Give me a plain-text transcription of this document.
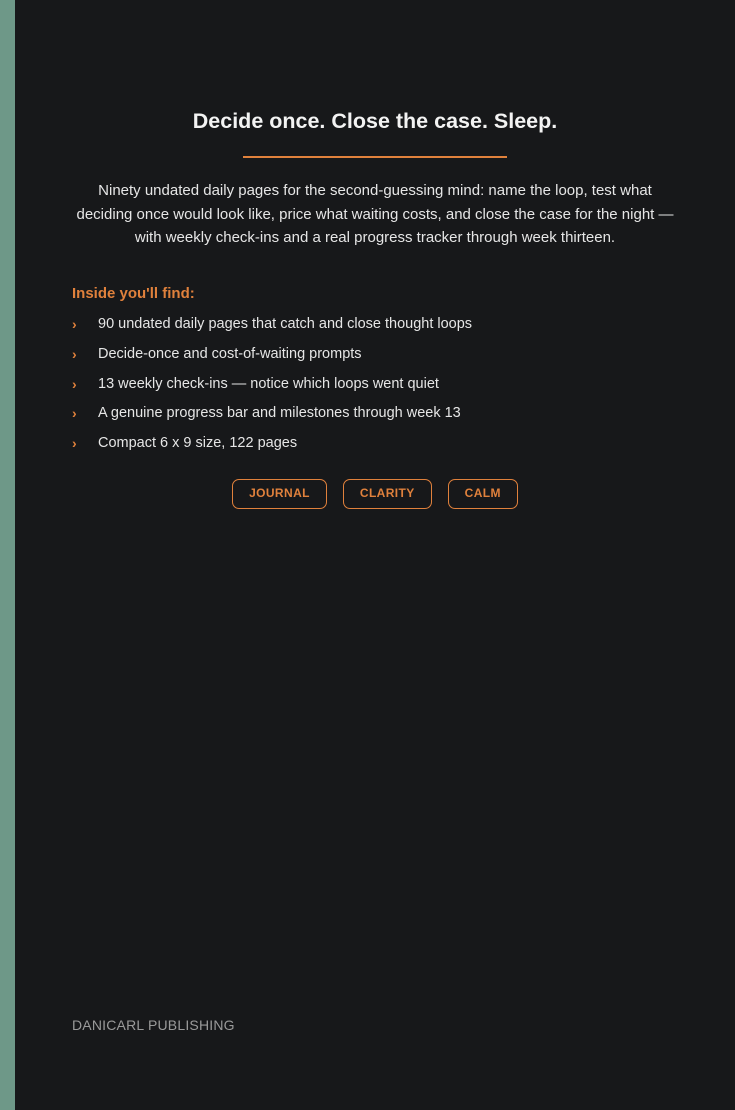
Decide once. Close the case. Sleep.

Ninety undated daily pages for the second-guessing mind: name the loop, test what deciding once would look like, price what waiting costs, and close the case for the night — with weekly check-ins and a real progress tracker through week thirteen.

Inside you'll find:
›	90 undated daily pages that catch and close thought loops
›	Decide-once and cost-of-waiting prompts
›	13 weekly check-ins — notice which loops went quiet
›	A genuine progress bar and milestones through week 13
›	Compact 6 x 9 size, 122 pages
JOURNAL	CLARITY	CALM

DANICARL PUBLISHING
